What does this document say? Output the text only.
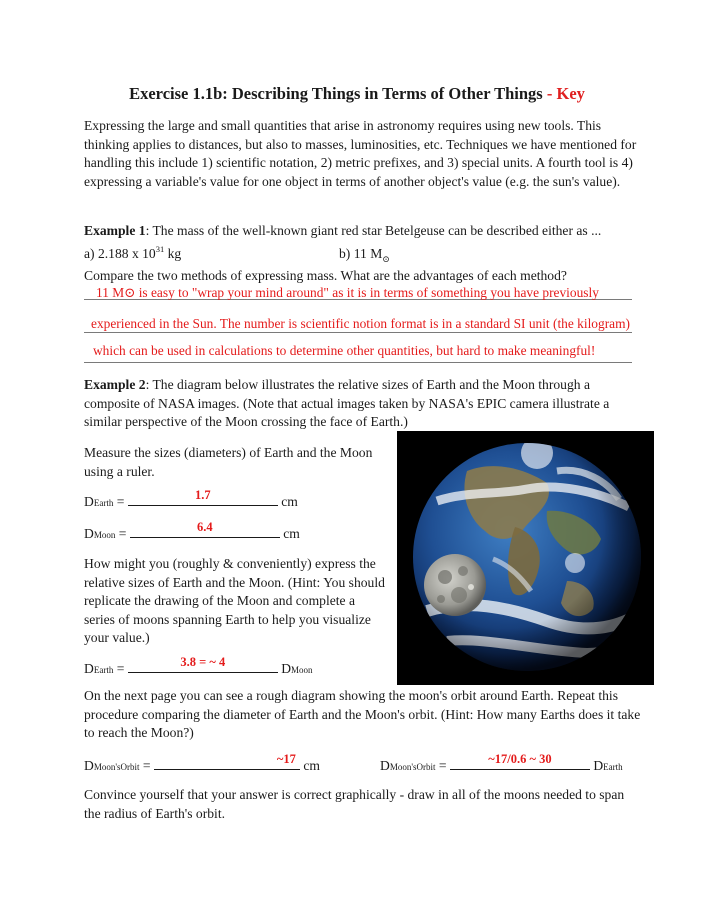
Exercise 1.1b: Describing Things in Terms of Other Things - Key
Expressing the large and small quantities that arise in astronomy requires using new tools. This thinking applies to distances, but also to masses, luminosities, etc. Techniques we have mentioned for handling this include 1) scientific notation, 2) metric prefixes, and 3) special units. A fourth tool is 4) expressing a variable's value for one object in terms of another object's value (e.g. the sun's value).
Example 1: The mass of the well-known giant red star Betelgeuse can be described either as ...
a) 2.188 x $10^{31}$ kg	b) 11 $M_⊙$
Compare the two methods of expressing mass. What are the advantages of each method?
11 M⊙ is easy to "wrap your mind around" as it is in terms of something you have previously
experienced in the Sun. The number is scientific notion format is in a standard SI unit (the kilogram)
which can be used in calculations to determine other quantities, but hard to make meaningful!
Example 2: The diagram below illustrates the relative sizes of Earth and the Moon through a composite of NASA images. (Note that actual images taken by NASA's EPIC camera illustrate a similar perspective of the Moon crossing the face of Earth.)
Measure the sizes (diameters) of Earth and the Moon using a ruler.
DEarth =	1.7	cm
DMoon =	6.4	cm
How might you (roughly & conveniently) express the relative sizes of Earth and the Moon. (Hint: You should replicate the drawing of the Moon and complete a series of moons spanning Earth to help you visualize your value.)
DEarth =	3.8 = ~ 4	DMoon
On the next page you can see a rough diagram showing the moon's orbit around Earth. Repeat this procedure comparing the diameter of Earth and the Moon's orbit. (Hint: How many Earths does it take to reach the Moon?)
DMoon'sOrbit =	~17 cm	DMoon'sOrbit =	~17/0.6 ~ 30	DEarth
Convince yourself that your answer is correct graphically - draw in all of the moons needed to span the radius of Earth's orbit.
